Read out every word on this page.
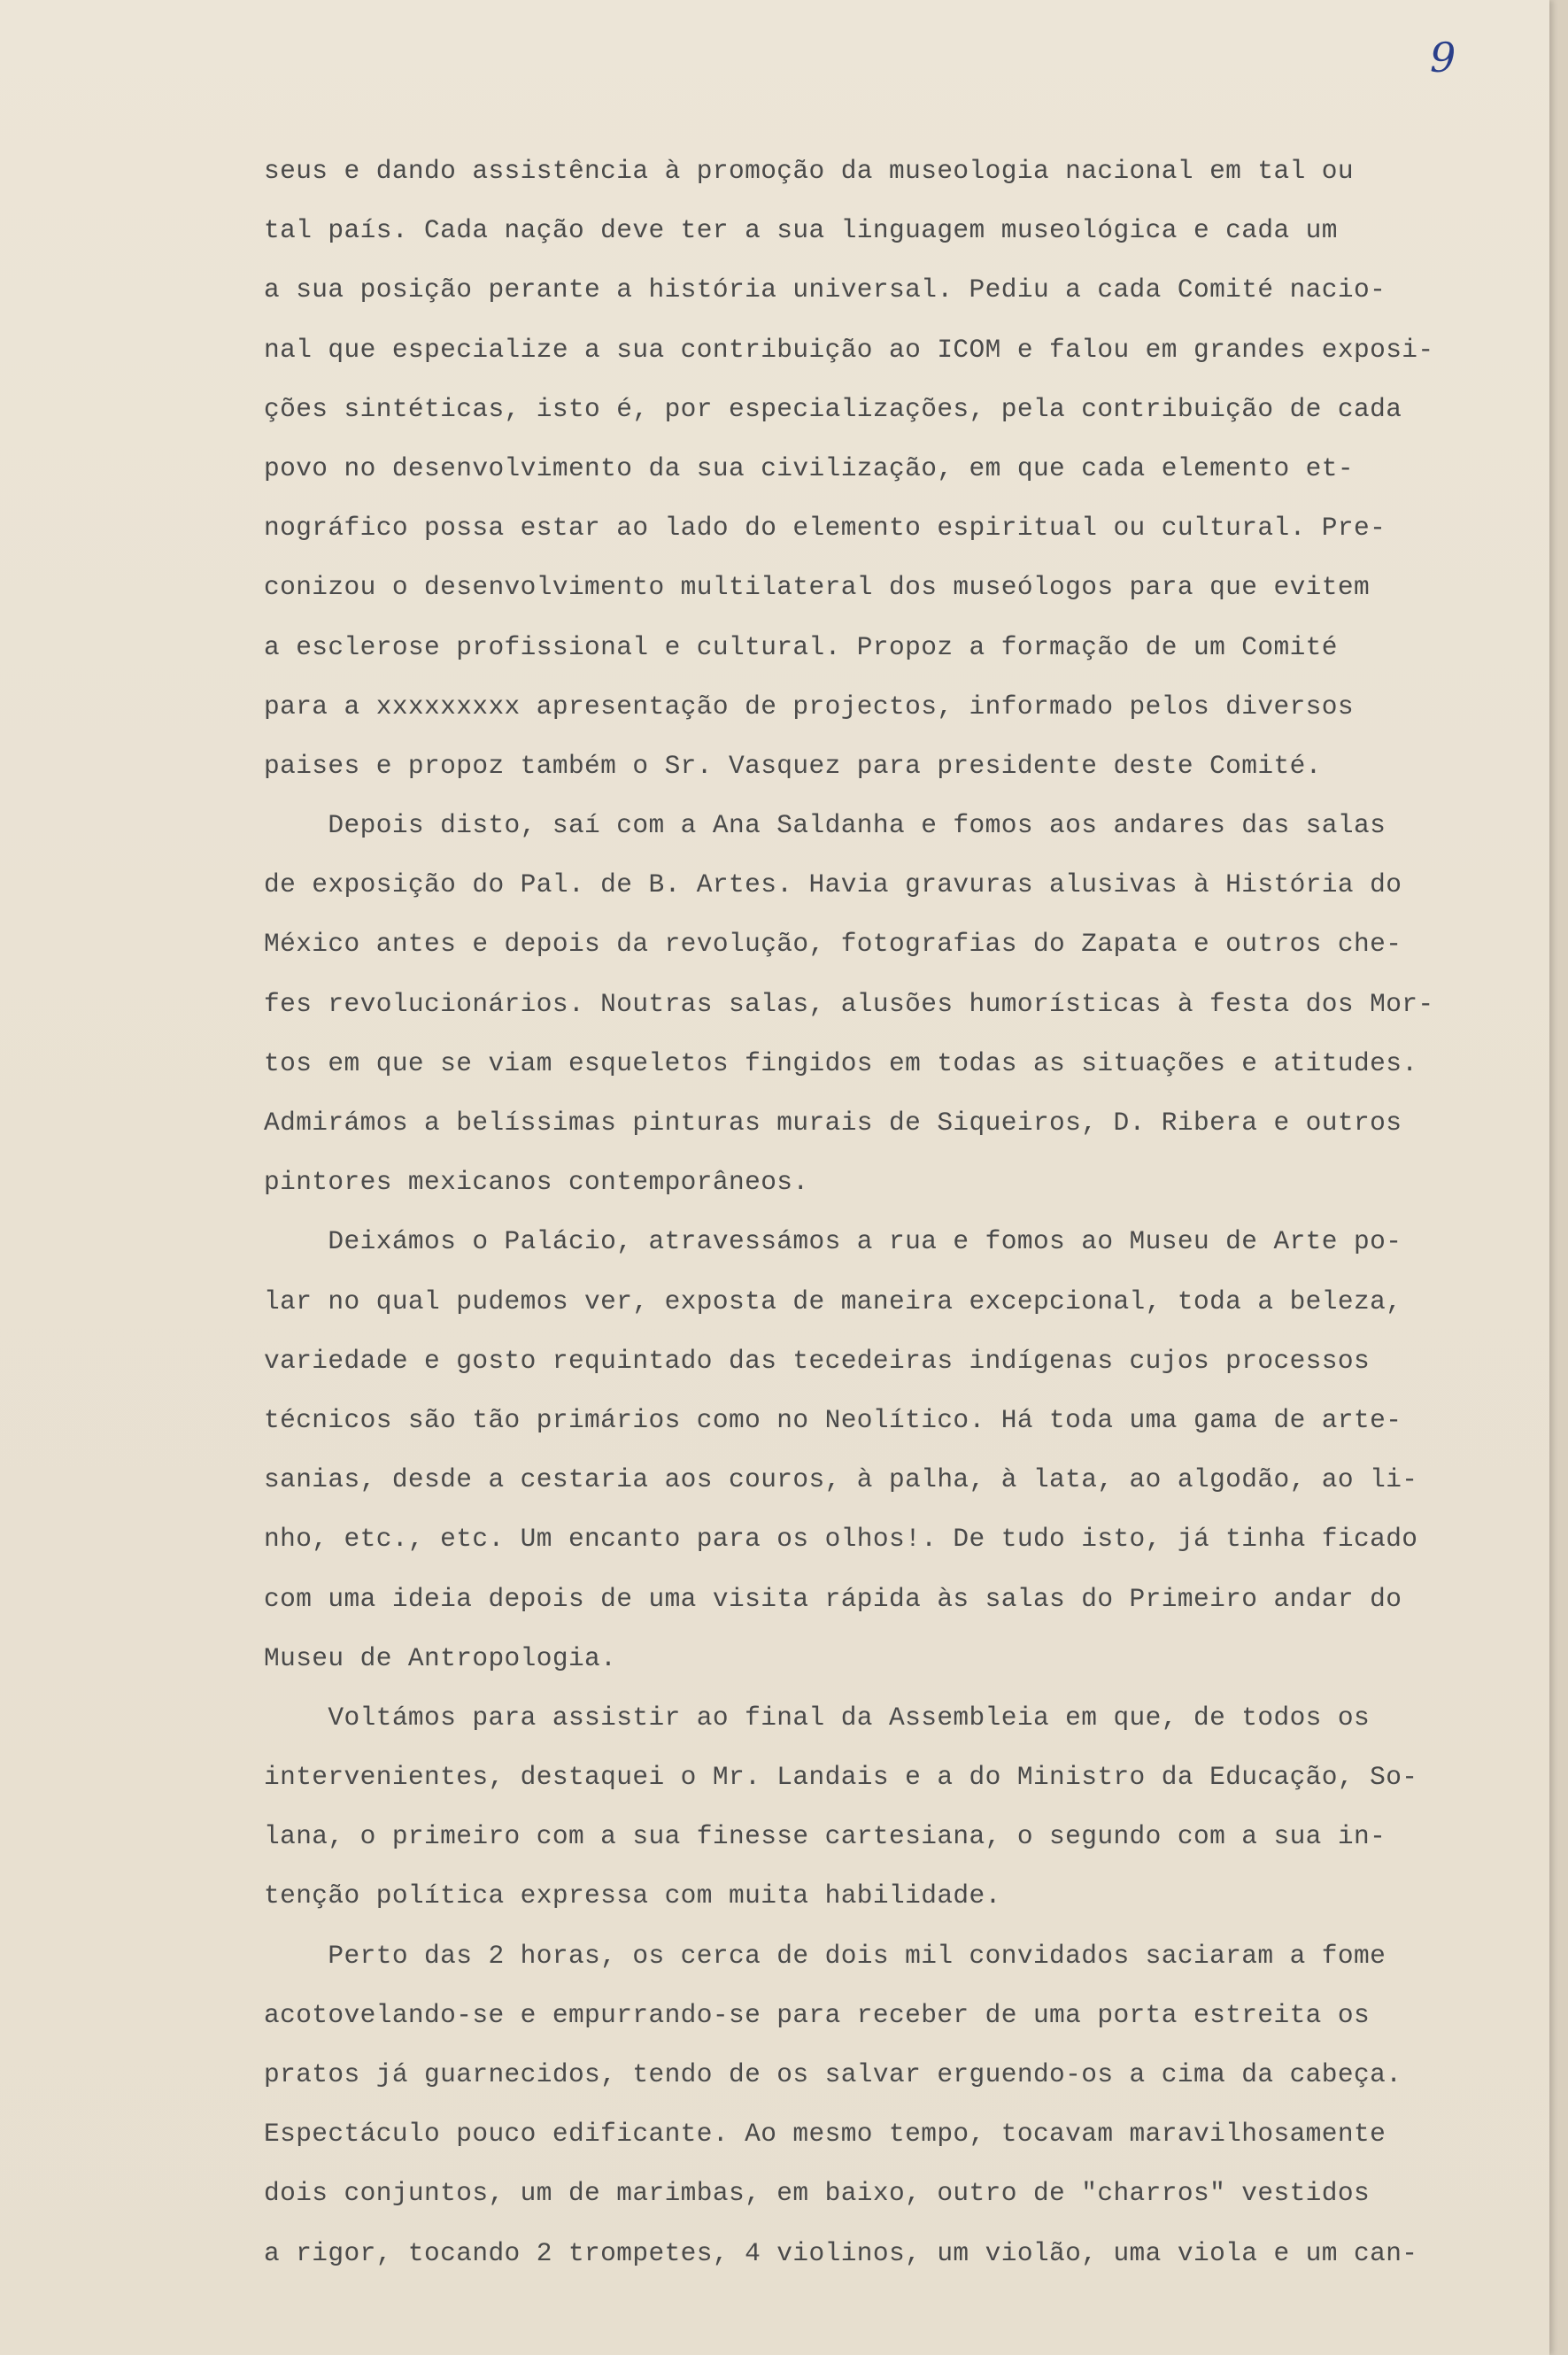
9
seus e dando assistência à promoção da museologia nacional em tal ou
tal país. Cada nação deve ter a sua linguagem museológica e cada um
a sua posição perante a história universal. Pediu a cada Comité nacio-
nal que especialize a sua contribuição ao ICOM e falou em grandes exposi-
ções sintéticas, isto é, por especializações, pela contribuição de cada
povo no desenvolvimento da sua civilização, em que cada elemento et-
nográfico possa estar ao lado do elemento espiritual ou cultural. Pre-
conizou o desenvolvimento multilateral dos museólogos para que evitem
a esclerose profissional e cultural. Propoz a formação de um Comité
para a xxxxxxxxx apresentação de projectos, informado pelos diversos
paises e propoz também o Sr. Vasquez para presidente deste Comité.
Depois disto, saí com a Ana Saldanha e fomos aos andares das salas
de exposição do Pal. de B. Artes. Havia gravuras alusivas à História do
México antes e depois da revolução, fotografias do Zapata e outros che-
fes revolucionários. Noutras salas, alusões humorísticas à festa dos Mor-
tos em que se viam esqueletos fingidos em todas as situações e atitudes.
Admirámos a belíssimas pinturas murais de Siqueiros, D. Ribera e outros
pintores mexicanos contemporâneos.
Deixámos o Palácio, atravessámos a rua e fomos ao Museu de Arte po-
lar no qual pudemos ver, exposta de maneira excepcional, toda a beleza,
variedade e gosto requintado das tecedeiras indígenas cujos processos
técnicos são tão primários como no Neolítico. Há toda uma gama de arte-
sanias, desde a cestaria aos couros, à palha, à lata, ao algodão, ao li-
nho, etc., etc. Um encanto para os olhos!. De tudo isto, já tinha ficado
com uma ideia depois de uma visita rápida às salas do Primeiro andar do
Museu de Antropologia.
Voltámos para assistir ao final da Assembleia em que, de todos os
intervenientes, destaquei o Mr. Landais e a do Ministro da Educação, So-
lana, o primeiro com a sua finesse cartesiana, o segundo com a sua in-
tenção política expressa com muita habilidade.
Perto das 2 horas, os cerca de dois mil convidados saciaram a fome
acotovelando-se e empurrando-se para receber de uma porta estreita os
pratos já guarnecidos, tendo de os salvar erguendo-os a cima da cabeça.
Espectáculo pouco edificante. Ao mesmo tempo, tocavam maravilhosamente
dois conjuntos, um de marimbas, em baixo, outro de "charros" vestidos
a rigor, tocando 2 trompetes, 4 violinos, um violão, uma viola e um can-
